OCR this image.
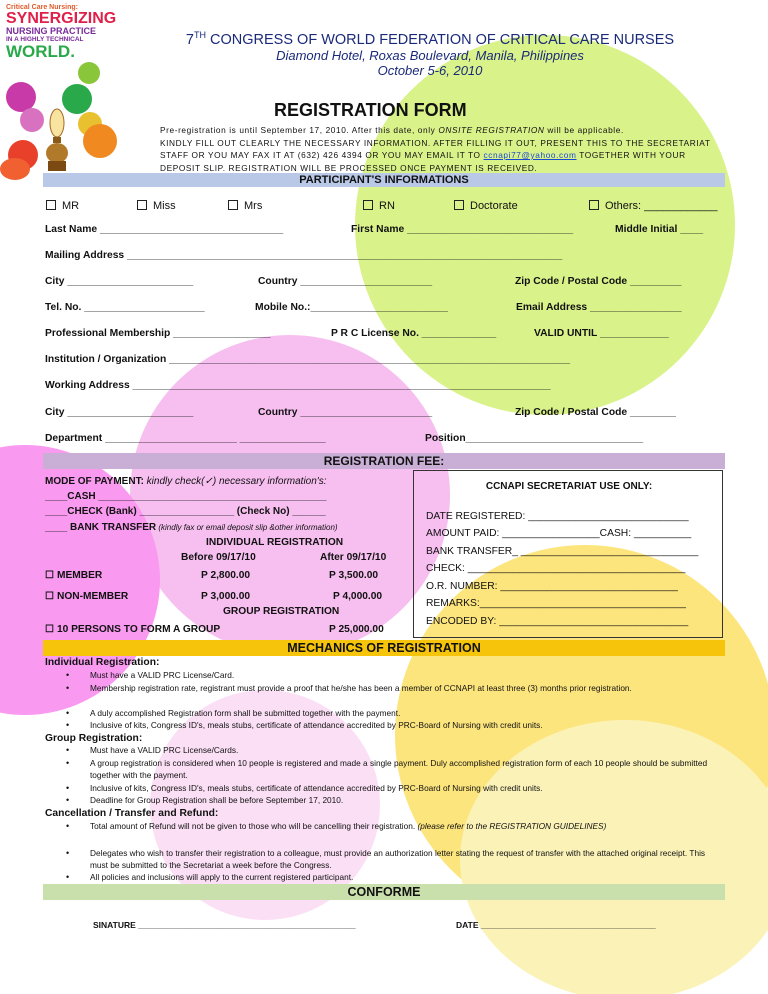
Critical Care Nursing:
SYNERGIZING
NURSING PRACTICE
IN A HIGHLY TECHNICAL
WORLD.
7TH CONGRESS OF WORLD FEDERATION OF CRITICAL CARE NURSES
Diamond Hotel, Roxas Boulevard, Manila, Philippines
October 5-6, 2010
REGISTRATION FORM
Pre-registration is until September 17, 2010. After this date, only ONSITE REGISTRATION will be applicable.
KINDLY FILL OUT CLEARLY THE NECESSARY INFORMATION. AFTER FILLING IT OUT, PRESENT THIS TO THE SECRETARIAT STAFF OR YOU MAY FAX IT AT (632) 426 4394 OR YOU MAY EMAIL IT TO ccnapi77@yahoo.com TOGETHER WITH YOUR DEPOSIT SLIP. REGISTRATION WILL BE PROCESSED ONCE PAYMENT IS RECEIVED.
PARTICIPANT'S INFORMATIONS
MR	Miss	Mrs	RN	Doctorate	Others: ____________
Last Name ________________________________	First Name _____________________________	Middle Initial ____
Mailing Address ____________________________________________________________________________
City ______________________	Country _______________________	Zip Code / Postal Code _________
Tel. No. _____________________	Mobile No.:________________________	Email Address ________________
Professional Membership _________________	P R C License No. _____________	VALID UNTIL ____________
Institution / Organization ______________________________________________________________________
Working Address _________________________________________________________________________
City ______________________	Country _______________________	Zip Code / Postal Code ________
Department _______________________ _______________	Position_______________________________
REGISTRATION FEE:
MODE OF PAYMENT: kindly check(✓) necessary information's:
____CASH _________________________________________
____CHECK (Bank) _________________ (Check No) ______
____ BANK TRANSFER (kindly fax or email deposit slip &other information)
INDIVIDUAL REGISTRATION
Before 09/17/10	After 09/17/10
☐ MEMBER	P 2,800.00	P 3,500.00
☐ NON-MEMBER	P 3,000.00	P 4,000.00
GROUP REGISTRATION
☐ 10 PERSONS TO FORM A GROUP	P 25,000.00
CCNAPI SECRETARIAT USE ONLY:
DATE REGISTERED: ____________________________
AMOUNT PAID: _________________CASH: __________
BANK TRANSFER_ _______________________________
CHECK: ______________________________________
O.R. NUMBER: _______________________________
REMARKS:____________________________________
ENCODED BY: _________________________________
MECHANICS OF REGISTRATION
Individual Registration:
• Must have a VALID PRC License/Card.
• Membership registration rate, registrant must provide a proof that he/she has been a member of CCNAPI at least three (3) months prior registration.
• A duly accomplished Registration form shall be submitted together with the payment.
• Inclusive of kits, Congress ID's, meals stubs, certificate of attendance accredited by PRC-Board of Nursing with credit units.
Group Registration:
• Must have a VALID PRC License/Cards.
• A group registration is considered when 10 people is registered and made a single payment. Duly accomplished registration form of each 10 people should be submitted together with the payment.
• Inclusive of kits, Congress ID's, meals stubs, certificate of attendance accredited by PRC-Board of Nursing with credit units.
• Deadline for Group Registration shall be before September 17, 2010.
Cancellation / Transfer and Refund:
• Total amount of Refund will not be given to those who will be cancelling their registration. (please refer to the REGISTRATION GUIDELINES)
• Delegates who wish to transfer their registration to a colleague, must provide an authorization letter stating the request of transfer with the attached original receipt. This must be submitted to the Secretariat a week before the Congress.
• All policies and inclusions will apply to the current registered participant.
CONFORME
SINATURE ______________________________________________	DATE _____________________________________
